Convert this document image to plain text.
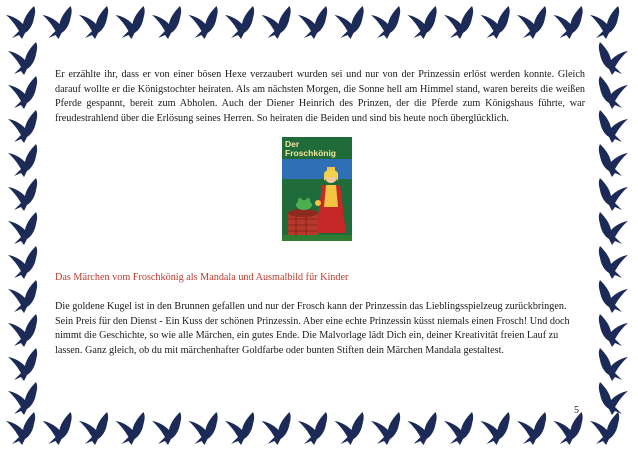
Er erzählte ihr, dass er von einer bösen Hexe verzaubert wurden sei und nur von der Prinzessin erlöst werden konnte. Gleich darauf wollte er die Königstochter heiraten. Als am nächsten Morgen, die Sonne hell am Himmel stand, waren bereits die weißen Pferde gespannt, bereit zum Abholen. Auch der Diener Heinrich des Prinzen, der die Pferde zum Königshaus führte, war freudestrahlend über die Erlösung seines Herren. So heiraten die Beiden und sind bis heute noch überglücklich.

Der
Froschkönig

Das Märchen vom Froschkönig als Mandala und Ausmalbild für Kinder

Die goldene Kugel ist in den Brunnen gefallen und nur der Frosch kann der Prinzessin das Lieblingsspielzeug zurückbringen. Sein Preis für den Dienst - Ein Kuss der schönen Prinzessin. Aber eine echte Prinzessin küsst niemals einen Frosch! Und doch nimmt die Geschichte, so wie alle Märchen, ein gutes Ende. Die Malvorlage lädt Dich ein, deiner Kreativität freien Lauf zu lassen. Ganz gleich, ob du mit märchenhafter Goldfarbe oder bunten Stiften dein Märchen Mandala gestaltest.

5
